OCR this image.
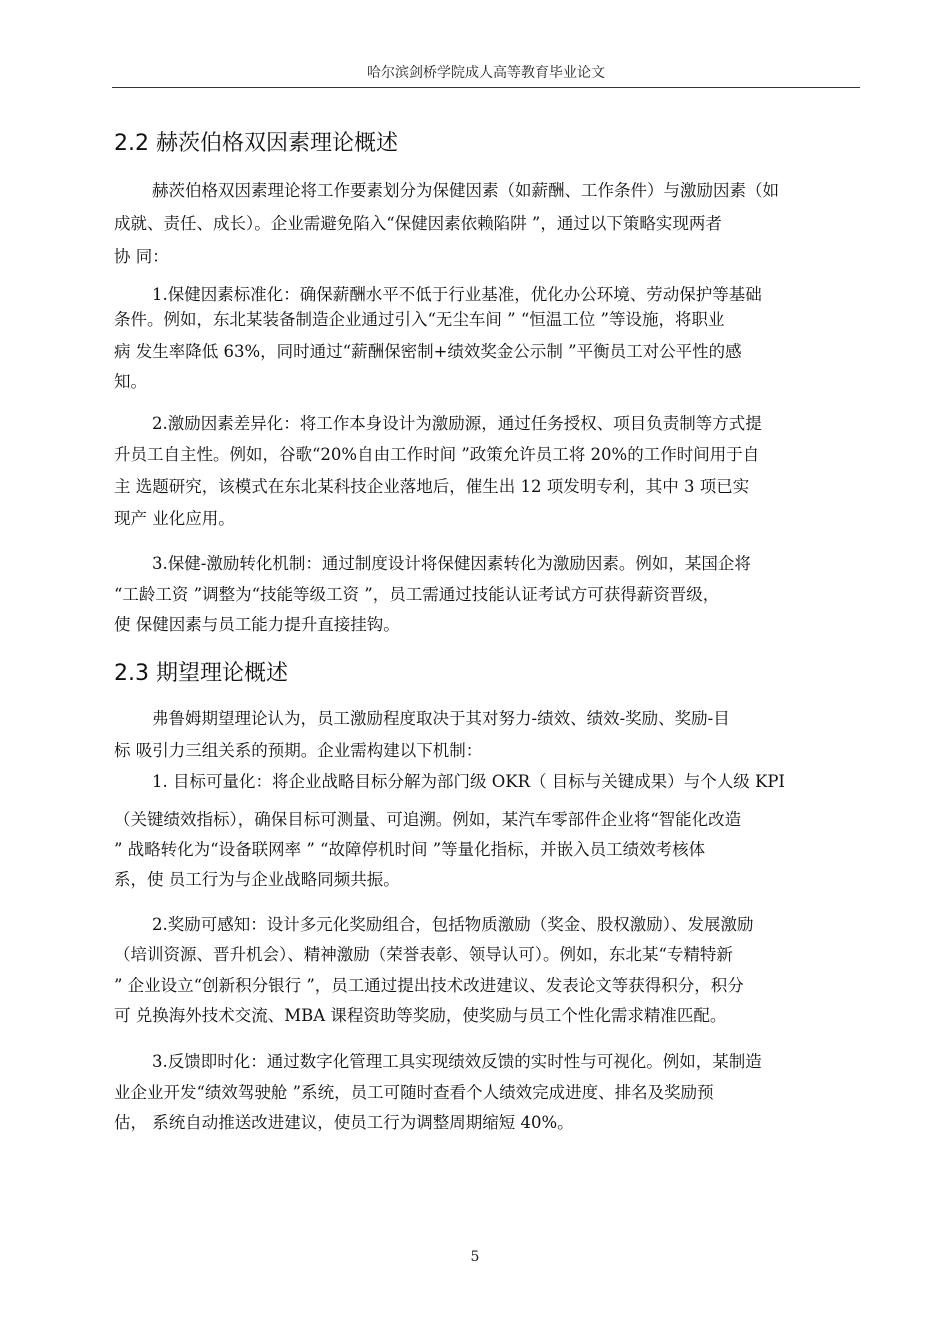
哈尔滨剑桥学院成人高等教育毕业论文
2.2 赫茨伯格双因素理论概述
赫茨伯格双因素理论将工作要素划分为保健因素（如薪酬、工作条件）与激励因素（如
成就、责任、成长）。企业需避免陷入“保健因素依赖陷阱 ”，通过以下策略实现两者
协 同：
1.保健因素标准化：确保薪酬水平不低于行业基准，优化办公环境、劳动保护等基础
条件。例如，东北某装备制造企业通过引入“无尘车间 ” “恒温工位 ”等设施，将职业
病 发生率降低 63%，同时通过“薪酬保密制+绩效奖金公示制 ”平衡员工对公平性的感
知。
2.激励因素差异化：将工作本身设计为激励源，通过任务授权、项目负责制等方式提
升员工自主性。例如，谷歌“20%自由工作时间 ”政策允许员工将 20%的工作时间用于自
主 选题研究，该模式在东北某科技企业落地后，催生出 12 项发明专利，其中 3 项已实
现产 业化应用。
3.保健-激励转化机制：通过制度设计将保健因素转化为激励因素。例如，某国企将
“工龄工资 ”调整为“技能等级工资 ”，员工需通过技能认证考试方可获得薪资晋级，
使 保健因素与员工能力提升直接挂钩。
2.3 期望理论概述
弗鲁姆期望理论认为，员工激励程度取决于其对努力-绩效、绩效-奖励、奖励-目
标 吸引力三组关系的预期。企业需构建以下机制：
1. 目标可量化：将企业战略目标分解为部门级 OKR（ 目标与关键成果）与个人级 KPI
（关键绩效指标），确保目标可测量、可追溯。例如，某汽车零部件企业将“智能化改造
” 战略转化为“设备联网率 ” “故障停机时间 ”等量化指标，并嵌入员工绩效考核体
系，使 员工行为与企业战略同频共振。
2.奖励可感知：设计多元化奖励组合，包括物质激励（奖金、股权激励）、发展激励
（培训资源、晋升机会）、精神激励（荣誉表彰、领导认可）。例如，东北某“专精特新
” 企业设立“创新积分银行 ”，员工通过提出技术改进建议、发表论文等获得积分，积分
可 兑换海外技术交流、MBA 课程资助等奖励，使奖励与员工个性化需求精准匹配。
3.反馈即时化：通过数字化管理工具实现绩效反馈的实时性与可视化。例如，某制造
业企业开发“绩效驾驶舱 ”系统，员工可随时查看个人绩效完成进度、排名及奖励预
估， 系统自动推送改进建议，使员工行为调整周期缩短 40%。
5
